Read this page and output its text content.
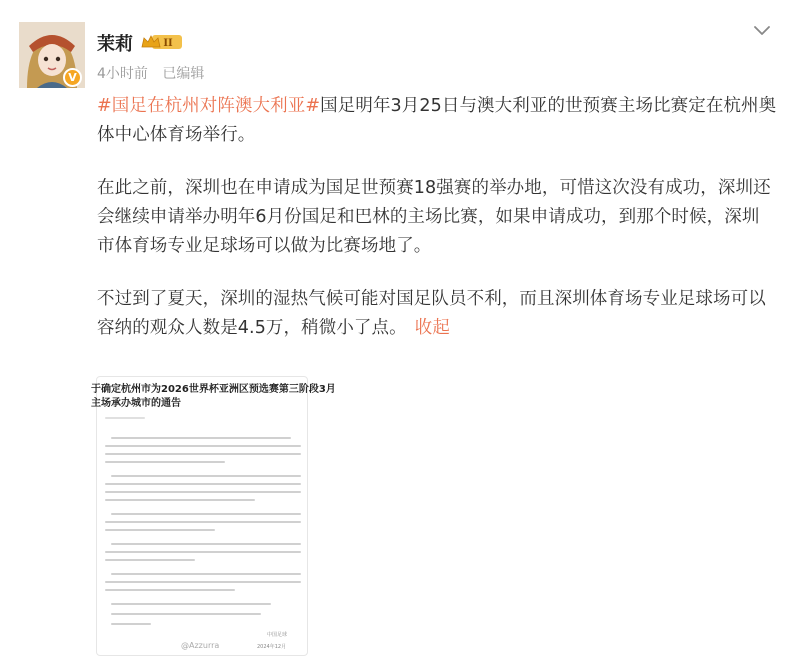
V
茉莉	II
4小时前 已编辑

#国足在杭州对阵澳大利亚#国足明年3月25日与澳大利亚的世预赛主场比赛定在杭州奥体中心体育场举行。

在此之前，深圳也在申请成为国足世预赛18强赛的举办地，可惜这次没有成功，深圳还会继续申请举办明年6月份国足和巴林的主场比赛，如果申请成功，到那个时候，深圳市体育场专业足球场可以做为比赛场地了。

不过到了夏天，深圳的湿热气候可能对国足队员不利，而且深圳体育场专业足球场可以容纳的观众人数是4.5万，稍微小了点。 收起

于确定杭州市为2026世界杯亚洲区预选赛第三阶段3月
主场承办城市的通告
中国足球
2024年12月
@Azzurra
